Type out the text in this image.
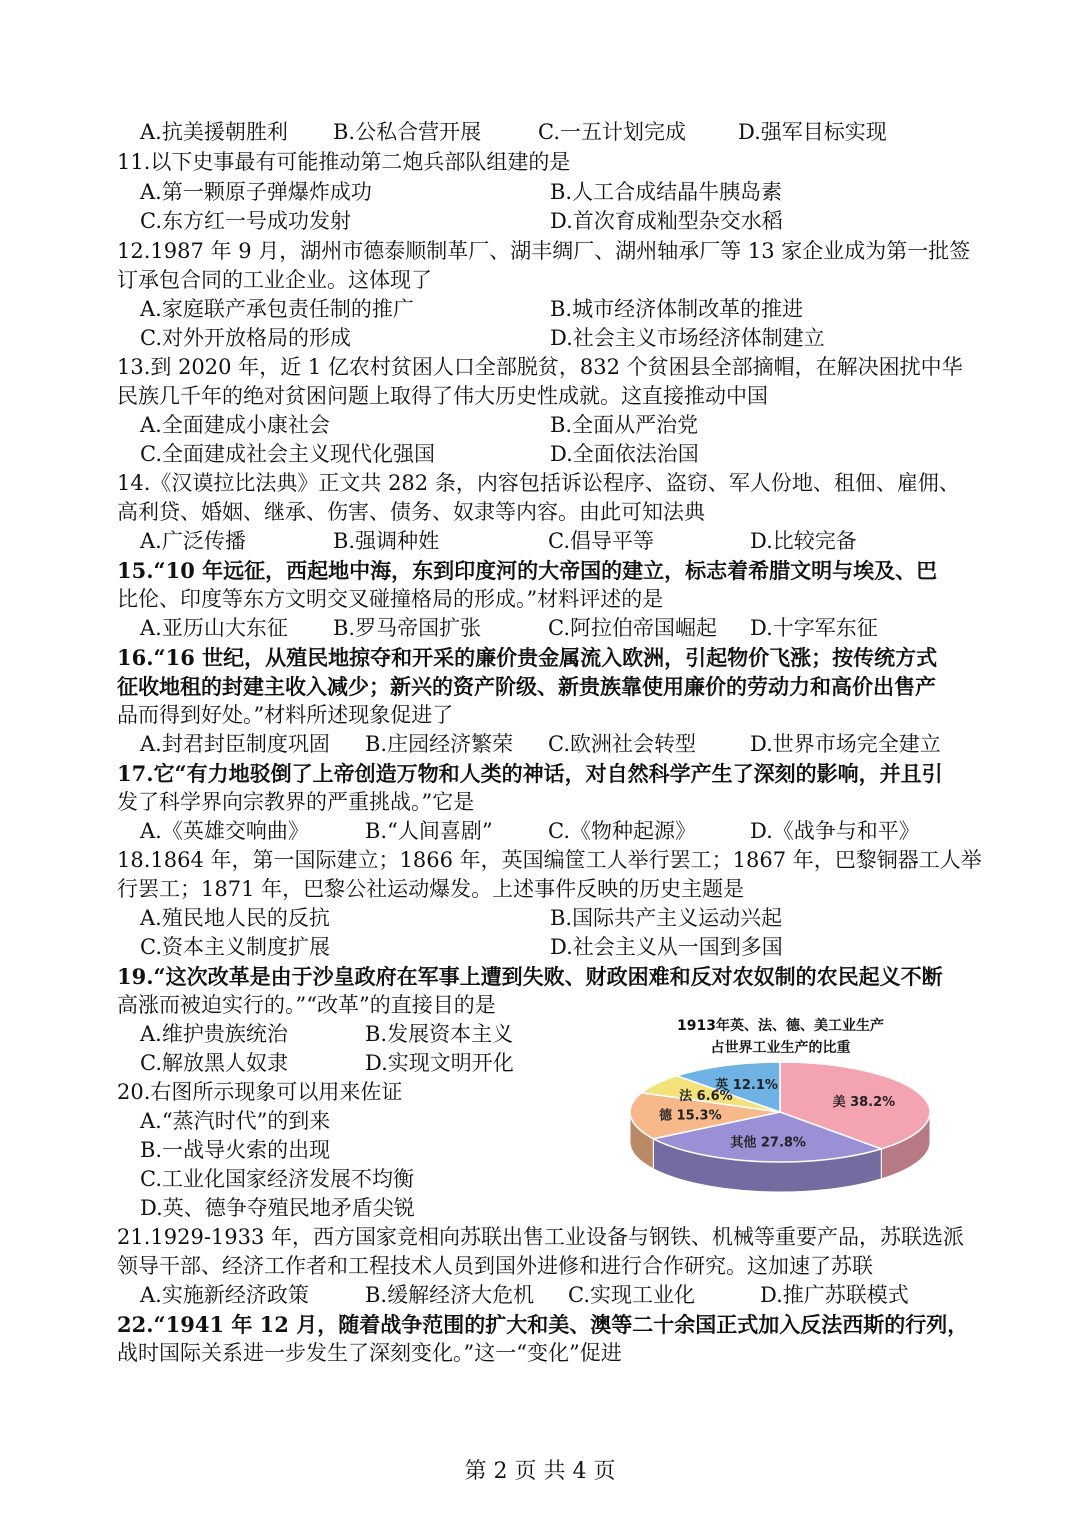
A.抗美援朝胜利 B.公私合营开展	C.一五计划完成 D.强军目标实现
11.以下史事最有可能推动第二炮兵部队组建的是
A.第一颗原子弹爆炸成功	B.人工合成结晶牛胰岛素
C.东方红一号成功发射	D.首次育成籼型杂交水稻
12.1987 年 9 月，湖州市德泰顺制革厂、湖丰绸厂、湖州轴承厂等 13 家企业成为第一批签
订承包合同的工业企业。这体现了
A.家庭联产承包责任制的推广	B.城市经济体制改革的推进
C.对外开放格局的形成	D.社会主义市场经济体制建立
13.到 2020 年，近 1 亿农村贫困人口全部脱贫，832 个贫困县全部摘帽，在解决困扰中华
民族几千年的绝对贫困问题上取得了伟大历史性成就。这直接推动中国
A.全面建成小康社会	B.全面从严治党
C.全面建成社会主义现代化强国	D.全面依法治国
14.《汉谟拉比法典》正文共 282 条，内容包括诉讼程序、盗窃、军人份地、租佃、雇佣、
高利贷、婚姻、继承、伤害、债务、奴隶等内容。由此可知法典
A.广泛传播	B.强调种姓	C.倡导平等	D.比较完备
15.“10 年远征，西起地中海，东到印度河的大帝国的建立，标志着希腊文明与埃及、巴
比伦、印度等东方文明交叉碰撞格局的形成。”材料评述的是
A.亚历山大东征 B.罗马帝国扩张	C.阿拉伯帝国崛起 D.十字军东征
16.“16 世纪，从殖民地掠夺和开采的廉价贵金属流入欧洲，引起物价飞涨；按传统方式
征收地租的封建主收入减少；新兴的资产阶级、新贵族靠使用廉价的劳动力和高价出售产
品而得到好处。”材料所述现象促进了
A.封君封臣制度巩固 B.庄园经济繁荣 C.欧洲社会转型	D.世界市场完全建立
17.它“有力地驳倒了上帝创造万物和人类的神话，对自然科学产生了深刻的影响，并且引
发了科学界向宗教界的严重挑战。”它是
A.《英雄交响曲》	B.“人间喜剧”	C.《物种起源》	D.《战争与和平》
18.1864 年，第一国际建立；1866 年，英国编筐工人举行罢工；1867 年，巴黎铜器工人举
行罢工；1871 年，巴黎公社运动爆发。上述事件反映的历史主题是
A.殖民地人民的反抗	B.国际共产主义运动兴起
C.资本主义制度扩展	D.社会主义从一国到多国
19.“这次改革是由于沙皇政府在军事上遭到失败、财政困难和反对农奴制的农民起义不断
高涨而被迫实行的。”“改革”的直接目的是
A.维护贵族统治	B.发展资本主义
C.解放黑人奴隶	D.实现文明开化
20.右图所示现象可以用来佐证
A.“蒸汽时代”的到来
B.一战导火索的出现
C.工业化国家经济发展不均衡
D.英、德争夺殖民地矛盾尖锐
21.1929-1933 年，西方国家竞相向苏联出售工业设备与钢铁、机械等重要产品，苏联选派
领导干部、经济工作者和工程技术人员到国外进修和进行合作研究。这加速了苏联
A.实施新经济政策	B.缓解经济大危机 C.实现工业化	D.推广苏联模式
22.“1941 年 12 月，随着战争范围的扩大和美、澳等二十余国正式加入反法西斯的行列，
战时国际关系进一步发生了深刻变化。”这一“变化”促进
1913年英、法、德、美工业生产
占世界工业生产的比重
美 38.2%
其他 27.8%
德 15.3%
法 6.6%
英 12.1%
第 2 页 共 4 页
